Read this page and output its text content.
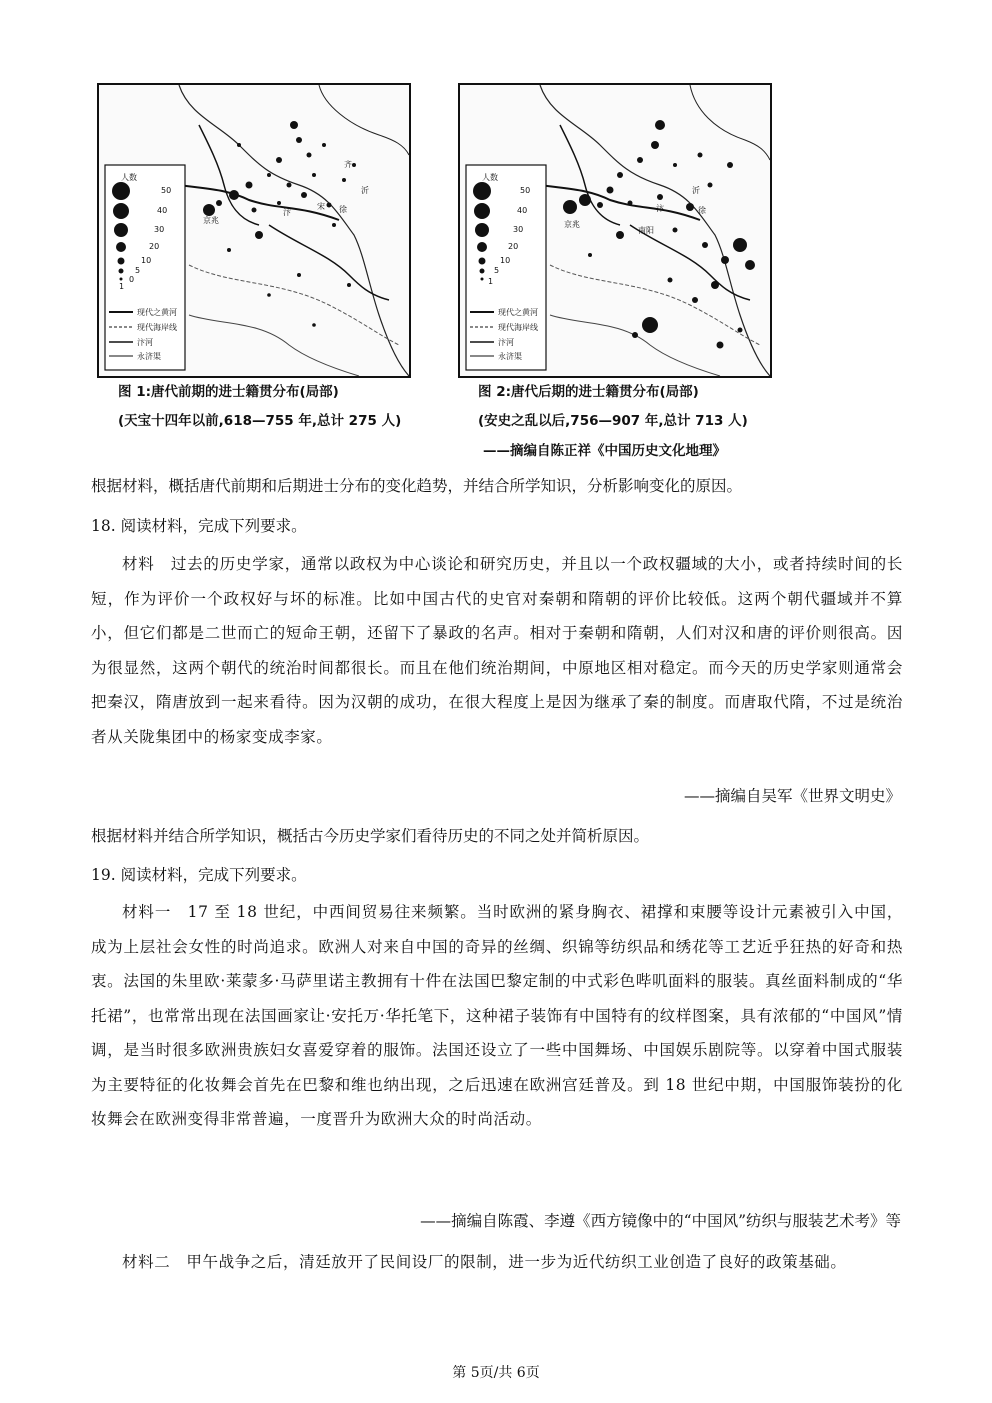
人数
50
40
30
20
10
5
0
1
现代之黄河
现代海岸线
汴河
永济渠
京兆
汴
宋 徐
沂
齐
人数
50
40
30
20
10
5
1
现代之黄河
现代海岸线
汴河
永济渠
京兆
南阳
沂
徐
汴
图 1:唐代前期的进士籍贯分布(局部)
(天宝十四年以前,618—755 年,总计 275 人)
图 2:唐代后期的进士籍贯分布(局部)
(安史之乱以后,756—907 年,总计 713 人)
——摘编自陈正祥《中国历史文化地理》

根据材料，概括唐代前期和后期进士分布的变化趋势，并结合所学知识，分析影响变化的原因。

18. 阅读材料，完成下列要求。

材料　过去的历史学家，通常以政权为中心谈论和研究历史，并且以一个政权疆域的大小，或者持续时间的长短，作为评价一个政权好与坏的标准。比如中国古代的史官对秦朝和隋朝的评价比较低。这两个朝代疆域并不算小，但它们都是二世而亡的短命王朝，还留下了暴政的名声。相对于秦朝和隋朝，人们对汉和唐的评价则很高。因为很显然，这两个朝代的统治时间都很长。而且在他们统治期间，中原地区相对稳定。而今天的历史学家则通常会把秦汉，隋唐放到一起来看待。因为汉朝的成功，在很大程度上是因为继承了秦的制度。而唐取代隋，不过是统治者从关陇集团中的杨家变成李家。

——摘编自吴军《世界文明史》

根据材料并结合所学知识，概括古今历史学家们看待历史的不同之处并简析原因。

19. 阅读材料，完成下列要求。

材料一　17 至 18 世纪，中西间贸易往来频繁。当时欧洲的紧身胸衣、裙撑和束腰等设计元素被引入中国，成为上层社会女性的时尚追求。欧洲人对来自中国的奇异的丝绸、织锦等纺织品和绣花等工艺近乎狂热的好奇和热衷。法国的朱里欧·莱蒙多·马萨里诺主教拥有十件在法国巴黎定制的中式彩色哔叽面料的服装。真丝面料制成的“华托裙”，也常常出现在法国画家让·安托万·华托笔下，这种裙子装饰有中国特有的纹样图案，具有浓郁的“中国风”情调，是当时很多欧洲贵族妇女喜爱穿着的服饰。法国还设立了一些中国舞场、中国娱乐剧院等。以穿着中国式服装为主要特征的化妆舞会首先在巴黎和维也纳出现，之后迅速在欧洲宫廷普及。到 18 世纪中期，中国服饰装扮的化妆舞会在欧洲变得非常普遍，一度晋升为欧洲大众的时尚活动。

——摘编自陈霞、李遵《西方镜像中的“中国风”纺织与服装艺术考》等

材料二　甲午战争之后，清廷放开了民间设厂的限制，进一步为近代纺织工业创造了良好的政策基础。

第 5页/共 6页
